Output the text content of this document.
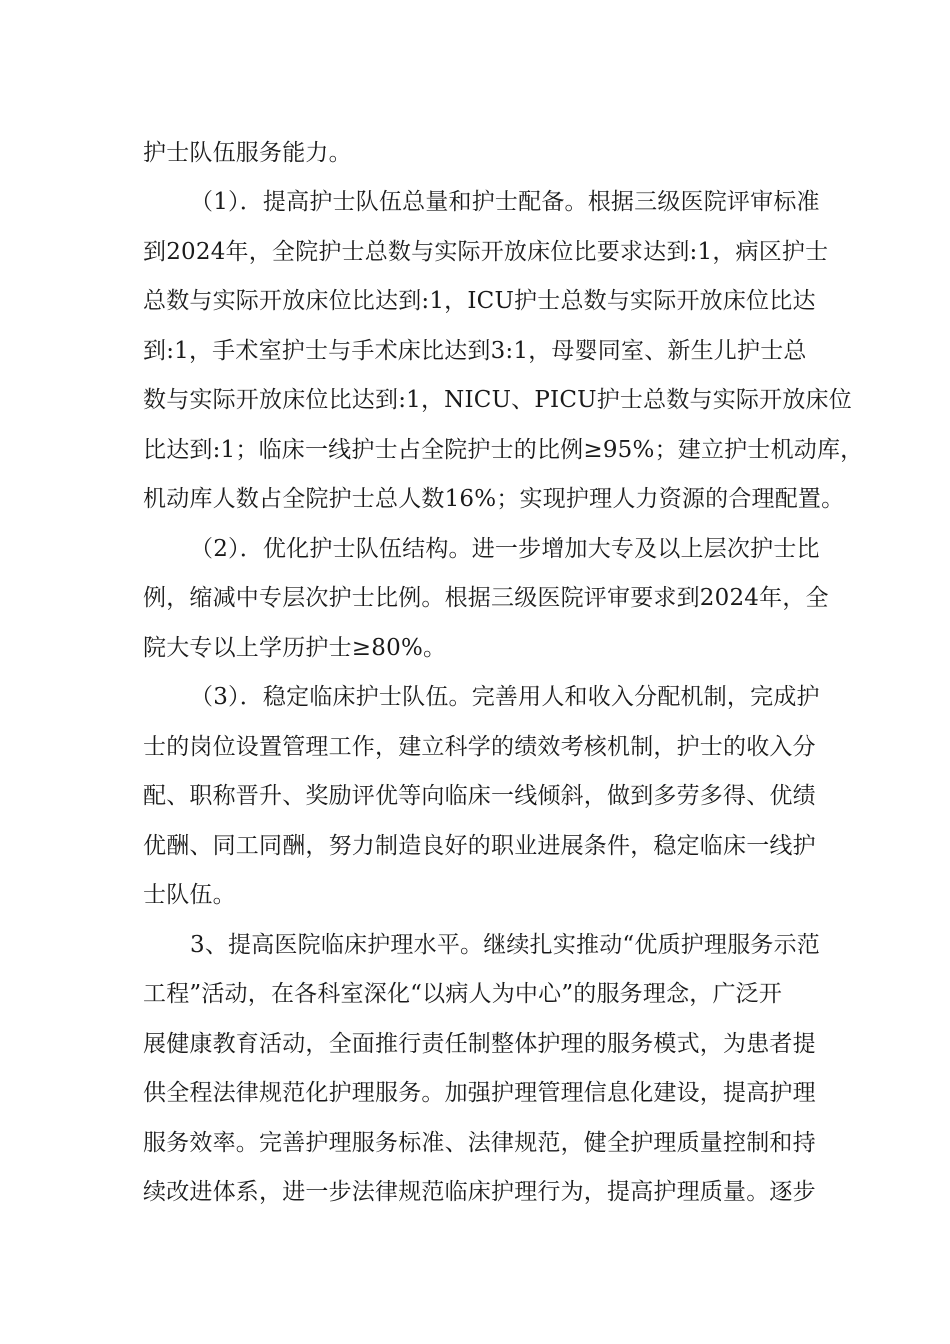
护士队伍服务能力。
（1）．提高护士队伍总量和护士配备。根据三级医院评审标准
到2024年，全院护士总数与实际开放床位比要求达到:1，病区护士
总数与实际开放床位比达到:1，ICU护士总数与实际开放床位比达
到:1，手术室护士与手术床比达到3:1，母婴同室、新生儿护士总
数与实际开放床位比达到:1，NICU、PICU护士总数与实际开放床位
比达到:1；临床一线护士占全院护士的比例≥95%；建立护士机动库，
机动库人数占全院护士总人数16%；实现护理人力资源的合理配置。
（2）．优化护士队伍结构。进一步增加大专及以上层次护士比
例，缩减中专层次护士比例。根据三级医院评审要求到2024年，全
院大专以上学历护士≥80%。
（3）．稳定临床护士队伍。完善用人和收入分配机制，完成护
士的岗位设置管理工作，建立科学的绩效考核机制，护士的收入分
配、职称晋升、奖励评优等向临床一线倾斜，做到多劳多得、优绩
优酬、同工同酬，努力制造良好的职业进展条件，稳定临床一线护
士队伍。
3、提高医院临床护理水平。继续扎实推动“优质护理服务示范
工程”活动，在各科室深化“以病人为中心”的服务理念，广泛开
展健康教育活动，全面推行责任制整体护理的服务模式，为患者提
供全程法律规范化护理服务。加强护理管理信息化建设，提高护理
服务效率。完善护理服务标准、法律规范，健全护理质量控制和持
续改进体系，进一步法律规范临床护理行为，提高护理质量。逐步
